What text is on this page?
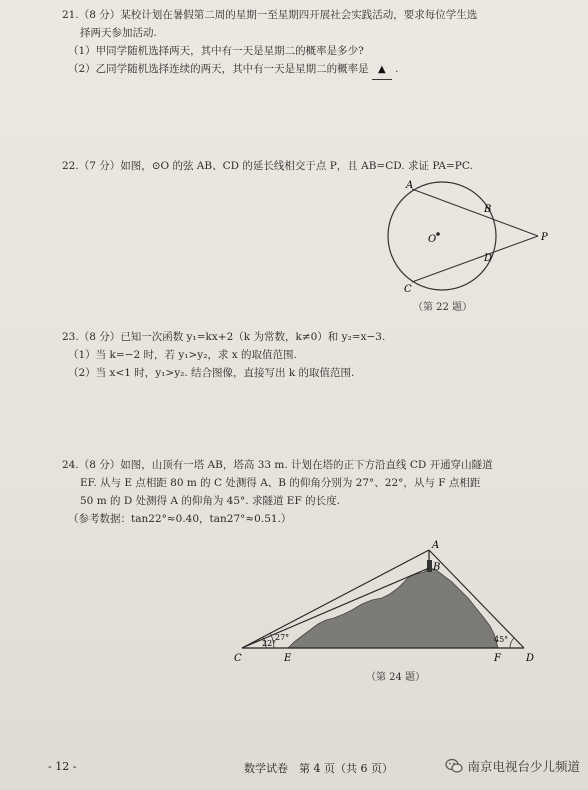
21.（8 分）某校计划在暑假第二周的星期一至星期四开展社会实践活动，要求每位学生选

择两天参加活动.

（1）甲同学随机选择两天，其中有一天是星期二的概率是多少?

（2）乙同学随机选择连续的两天，其中有一天是星期二的概率是 ▲ .

22.（7 分）如图，⊙O 的弦 AB、CD 的延长线相交于点 P，且 AB=CD. 求证 PA=PC.

A
B
C
D
O	P
（第 22 题）

23.（8 分）已知一次函数 y₁=kx+2（k 为常数，k≠0）和 y₂=x−3.

（1）当 k=−2 时，若 y₁>y₂，求 x 的取值范围.

（2）当 x<1 时，y₁>y₂. 结合图像，直接写出 k 的取值范围.

24.（8 分）如图，山顶有一塔 AB，塔高 33 m. 计划在塔的正下方沿直线 CD 开通穿山隧道

EF. 从与 E 点相距 80 m 的 C 处测得 A、B 的仰角分别为 27°、22°，从与 F 点相距

50 m 的 D 处测得 A 的仰角为 45°. 求隧道 EF 的长度.

（参考数据：tan22°≈0.40，tan27°≈0.51.）

A
B
C	D
E	F
22°
27°	45°
（第 24 题）
- 12 -	数学试卷　第 4 页（共 6 页）	南京电视台少儿频道
